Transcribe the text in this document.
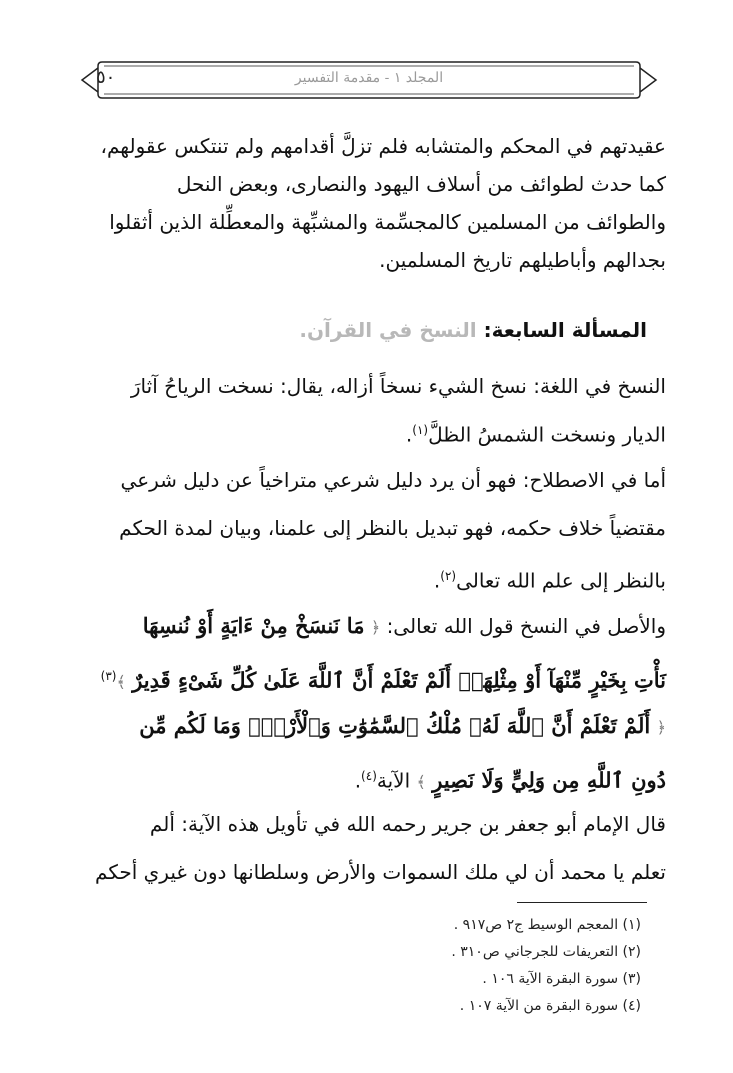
٥٠	المجلد ١ - مقدمة التفسير
عقيدتهم في المحكم والمتشابه فلم تزلَّ أقدامهم ولم تنتكس عقولهم،
كما حدث لطوائف من أسلاف اليهود والنصارى، وبعض النحل
والطوائف من المسلمين كالمجسِّمة والمشبِّهة والمعطِّلة الذين أثقلوا
بجدالهم وأباطيلهم تاريخ المسلمين.
المسألة السابعة: النسخ في القرآن.
النسخ في اللغة: نسخ الشيء نسخاً أزاله، يقال: نسخت الرياحُ آثارَ
الديار ونسخت الشمسُ الظلَّ$^{(١)}$.
أما في الاصطلاح: فهو أن يرد دليل شرعي متراخياً عن دليل شرعي
مقتضياً خلاف حكمه، فهو تبديل بالنظر إلى علمنا، وبيان لمدة الحكم
بالنظر إلى علم الله تعالى$^{(٢)}$.
والأصل في النسخ قول الله تعالى: ﴿ مَا نَنسَخْ مِنْ ءَايَةٍ أَوْ نُنسِهَا
نَأْتِ بِخَيْرٍ مِّنْهَآ أَوْ مِثْلِهَآۗ أَلَمْ تَعْلَمْ أَنَّ ٱللَّهَ عَلَىٰ كُلِّ شَىْءٍ قَدِيرٌ ﴾$^{(٣)}$
﴿ أَلَمْ تَعْلَمْ أَنَّ ٱللَّهَ لَهُۥ مُلْكُ ٱلسَّمَٰوَٰتِ وَٱلْأَرْضِۗ وَمَا لَكُم مِّن
دُونِ ٱللَّهِ مِن وَلِيٍّ وَلَا نَصِيرٍ ﴾ الآية$^{(٤)}$.
قال الإمام أبو جعفر بن جرير رحمه الله في تأويل هذه الآية: ألم
تعلم يا محمد أن لي ملك السموات والأرض وسلطانها دون غيري أحكم
(١) المعجم الوسيط ج٢ ص٩١٧ .
(٢) التعريفات للجرجاني ص٣١٠ .
(٣) سورة البقرة الآية ١٠٦ .
(٤) سورة البقرة من الآية ١٠٧ .
